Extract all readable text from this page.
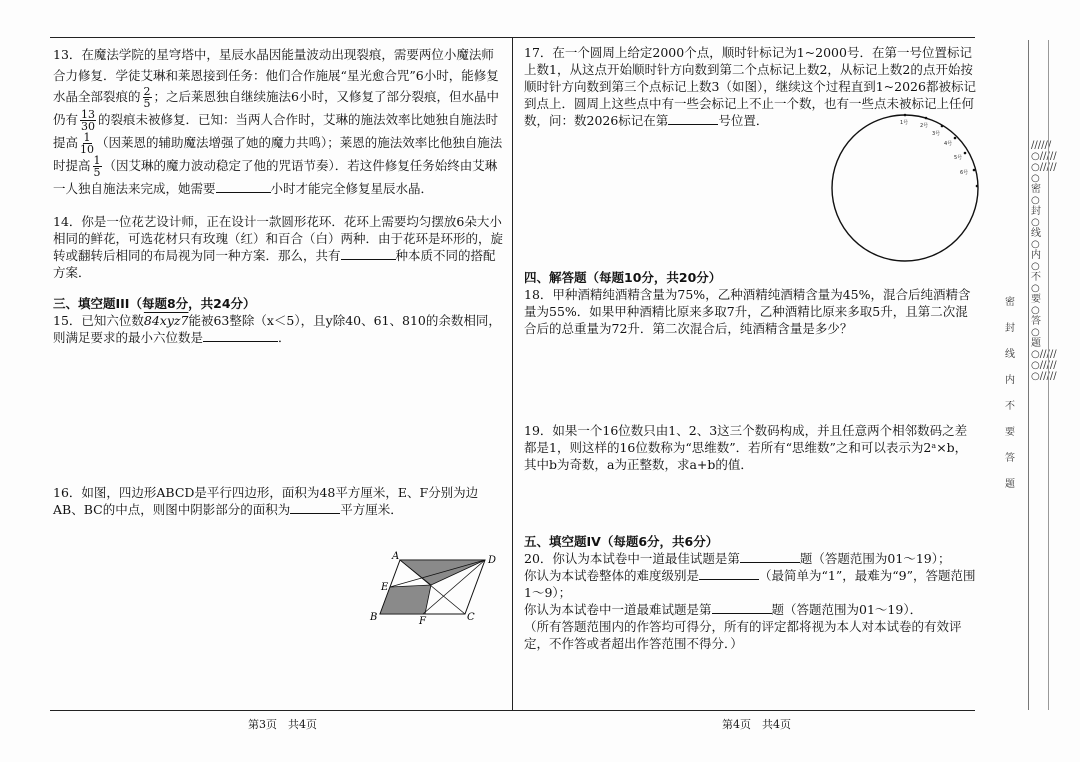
13．在魔法学院的星穹塔中，星辰水晶因能量波动出现裂痕，需要两位小魔法师合力修复．学徒艾琳和莱恩接到任务：他们合作施展“星光愈合咒”6小时，能修复水晶全部裂痕的 $\frac{2}{5}$ ；之后莱恩独自继续施法6小时，又修复了部分裂痕，但水晶中仍有 $\frac{13}{30}$ 的裂痕未被修复．已知：当两人合作时，艾琳的施法效率比她独自施法时提高 $\frac{1}{10}$ （因莱恩的辅助魔法增强了她的魔力共鸣）；莱恩的施法效率比他独自施法时提高 $\frac{1}{5}$ （因艾琳的魔力波动稳定了他的咒语节奏）．若这件修复任务始终由艾琳一人独自施法来完成，她需要	小时才能完全修复星辰水晶．

14．你是一位花艺设计师，正在设计一款圆形花环．花环上需要均匀摆放6朵大小相同的鲜花，可选花材只有玫瑰（红）和百合（白）两种．由于花环是环形的，旋转或翻转后相同的布局视为同一种方案．那么，共有	种本质不同的搭配方案．

三、填空题III（每题8分，共24分）

15．已知六位数84xyz7能被63整除（x＜5），且y除40、61、810的余数相同，则满足要求的最小六位数是	．

16．如图，四边形ABCD是平行四边形，面积为48平方厘米，E、F分别为边AB、BC的中点，则图中阴影部分的面积为	平方厘米．

A	D
E
B	F	C

17．在一个圆周上给定2000个点，顺时针标记为1~2000号．在第一号位置标记上数1，从这点开始顺时针方向数到第二个点标记上数2，从标记上数2的点开始按顺时针方向数到第三个点标记上数3（如图），继续这个过程直到1~2026都被标记到点上．圆周上这些点中有一些会标记上不止一个数，也有一些点未被标记上任何数，问：数2026标记在第	号位置．	1号 2号
3号
4号
5号
6号

四、解答题（每题10分，共20分）

18．甲种酒精纯酒精含量为75%，乙种酒精纯酒精含量为45%，混合后纯酒精含量为55%．如果甲种酒精比原来多取7升，乙种酒精比原来多取5升，且第二次混合后的总重量为72升．第二次混合后，纯酒精含量是多少？

19．如果一个16位数只由1、2、3这三个数码构成，并且任意两个相邻数码之差都是1，则这样的16位数称为“思维数”．若所有“思维数”之和可以表示为2ᵃ×b，其中b为奇数，a为正整数，求a+b的值．

五、填空题IV（每题6分，共6分）

20．你认为本试卷中一道最佳试题是第	题（答题范围为01～19）；
你认为本试卷整体的难度级别是	（最简单为“1”，最难为“9”，答题范围1～9）；
你认为本试卷中一道最难试题是第	题（答题范围为01～19）．
（所有答题范围内的作答均可得分，所有的评定都将视为本人对本试卷的有效评定，不作答或者超出作答范围不得分．）

第3页　共4页	第4页　共4页
密封线内不要答题
//////○/////○/////○密○封○线○内○不○要○答○题○/////○/////○/////
